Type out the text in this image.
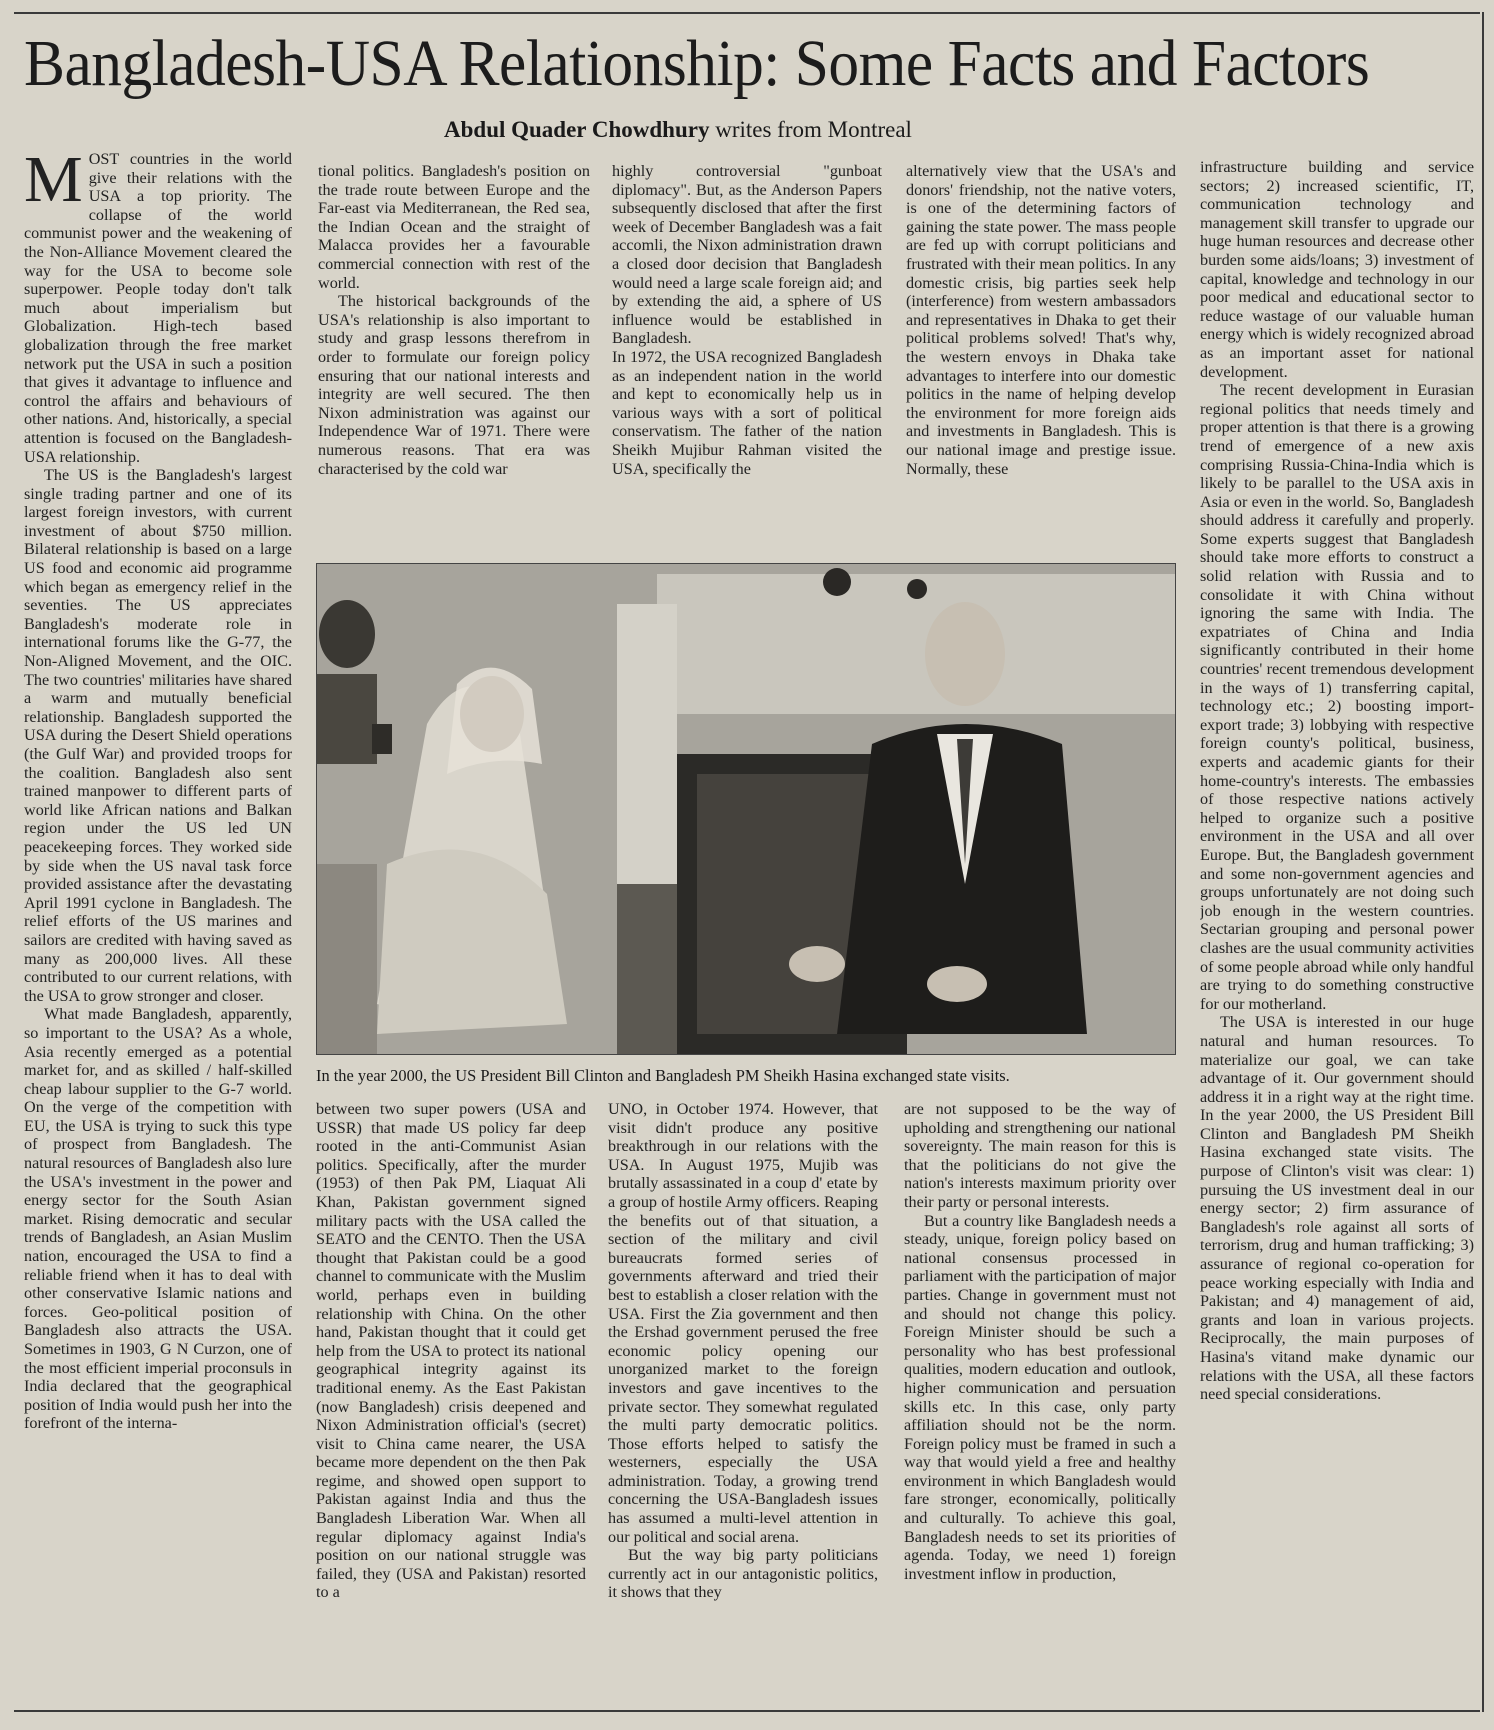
Bangladesh-USA Relationship: Some Facts and Factors
Abdul Quader Chowdhury writes from Montreal
M OST countries in the world give their relations with the USA a top priority. The collapse of the world communist power and the weakening of the Non-Alliance Movement cleared the way for the USA to become sole superpower. People today don't talk much about imperialism but Globalization. High-tech based globalization through the free market network put the USA in such a position that gives it advantage to influence and control the affairs and behaviours of other nations. And, historically, a special attention is focused on the Bangladesh-USA relationship.

The US is the Bangladesh's largest single trading partner and one of its largest foreign investors, with current investment of about $750 million. Bilateral relationship is based on a large US food and economic aid programme which began as emergency relief in the seventies. The US appreciates Bangladesh's moderate role in international forums like the G-77, the Non-Aligned Movement, and the OIC. The two countries' militaries have shared a warm and mutually beneficial relationship. Bangladesh supported the USA during the Desert Shield operations (the Gulf War) and provided troops for the coalition. Bangladesh also sent trained manpower to different parts of world like African nations and Balkan region under the US led UN peacekeeping forces. They worked side by side when the US naval task force provided assistance after the devastating April 1991 cyclone in Bangladesh. The relief efforts of the US marines and sailors are credited with having saved as many as 200,000 lives. All these contributed to our current relations, with the USA to grow stronger and closer.

What made Bangladesh, apparently, so important to the USA? As a whole, Asia recently emerged as a potential market for, and as skilled / half-skilled cheap labour supplier to the G-7 world. On the verge of the competition with EU, the USA is trying to suck this type of prospect from Bangladesh. The natural resources of Bangladesh also lure the USA's investment in the power and energy sector for the South Asian market. Rising democratic and secular trends of Bangladesh, an Asian Muslim nation, encouraged the USA to find a reliable friend when it has to deal with other conservative Islamic nations and forces. Geo-political position of Bangladesh also attracts the USA. Sometimes in 1903, G N Curzon, one of the most efficient imperial proconsuls in India declared that the geographical position of India would push her into the forefront of the interna-

tional politics. Bangladesh's position on the trade route between Europe and the Far-east via Mediterranean, the Red sea, the Indian Ocean and the straight of Malacca provides her a favourable commercial connection with rest of the world.

The historical backgrounds of the USA's relationship is also important to study and grasp lessons therefrom in order to formulate our foreign policy ensuring that our national interests and integrity are well secured. The then Nixon administration was against our Independence War of 1971. There were numerous reasons. That era was characterised by the cold war

highly controversial "gunboat diplomacy". But, as the Anderson Papers subsequently disclosed that after the first week of December Bangladesh was a fait accomli, the Nixon administration drawn a closed door decision that Bangladesh would need a large scale foreign aid; and by extending the aid, a sphere of US influence would be established in Bangladesh.

In 1972, the USA recognized Bangladesh as an independent nation in the world and kept to economically help us in various ways with a sort of political conservatism. The father of the nation Sheikh Mujibur Rahman visited the USA, specifically the

alternatively view that the USA's and donors' friendship, not the native voters, is one of the determining factors of gaining the state power. The mass people are fed up with corrupt politicians and frustrated with their mean politics. In any domestic crisis, big parties seek help (interference) from western ambassadors and representatives in Dhaka to get their political problems solved! That's why, the western envoys in Dhaka take advantages to interfere into our domestic politics in the name of helping develop the environment for more foreign aids and investments in Bangladesh. This is our national image and prestige issue. Normally, these

infrastructure building and service sectors; 2) increased scientific, IT, communication technology and management skill transfer to upgrade our huge human resources and decrease other burden some aids/loans; 3) investment of capital, knowledge and technology in our poor medical and educational sector to reduce wastage of our valuable human energy which is widely recognized abroad as an important asset for national development.

The recent development in Eurasian regional politics that needs timely and proper attention is that there is a growing trend of emergence of a new axis comprising Russia-China-India which is likely to be parallel to the USA axis in Asia or even in the world. So, Bangladesh should address it carefully and properly. Some experts suggest that Bangladesh should take more efforts to construct a solid relation with Russia and to consolidate it with China without ignoring the same with India. The expatriates of China and India significantly contributed in their home countries' recent tremendous development in the ways of 1) transferring capital, technology etc.; 2) boosting import-export trade; 3) lobbying with respective foreign county's political, business, experts and academic giants for their home-country's interests. The embassies of those respective nations actively helped to organize such a positive environment in the USA and all over Europe. But, the Bangladesh government and some non-government agencies and groups unfortunately are not doing such job enough in the western countries. Sectarian grouping and personal power clashes are the usual community activities of some people abroad while only handful are trying to do something constructive for our motherland.

The USA is interested in our huge natural and human resources. To materialize our goal, we can take advantage of it. Our government should address it in a right way at the right time. In the year 2000, the US President Bill Clinton and Bangladesh PM Sheikh Hasina exchanged state visits. The purpose of Clinton's visit was clear: 1) pursuing the US investment deal in our energy sector; 2) firm assurance of Bangladesh's role against all sorts of terrorism, drug and human trafficking; 3) assurance of regional co-operation for peace working especially with India and Pakistan; and 4) management of aid, grants and loan in various projects. Reciprocally, the main purposes of Hasina's vitand make dynamic our relations with the USA, all these factors need special considerations.

In the year 2000, the US President Bill Clinton and Bangladesh PM Sheikh Hasina exchanged state visits.

between two super powers (USA and USSR) that made US policy far deep rooted in the anti-Communist Asian politics. Specifically, after the murder (1953) of then Pak PM, Liaquat Ali Khan, Pakistan government signed military pacts with the USA called the SEATO and the CENTO. Then the USA thought that Pakistan could be a good channel to communicate with the Muslim world, perhaps even in building relationship with China. On the other hand, Pakistan thought that it could get help from the USA to protect its national geographical integrity against its traditional enemy. As the East Pakistan (now Bangladesh) crisis deepened and Nixon Administration official's (secret) visit to China came nearer, the USA became more dependent on the then Pak regime, and showed open support to Pakistan against India and thus the Bangladesh Liberation War. When all regular diplomacy against India's position on our national struggle was failed, they (USA and Pakistan) resorted to a

UNO, in October 1974. However, that visit didn't produce any positive breakthrough in our relations with the USA. In August 1975, Mujib was brutally assassinated in a coup d' etate by a group of hostile Army officers. Reaping the benefits out of that situation, a section of the military and civil bureaucrats formed series of governments afterward and tried their best to establish a closer relation with the USA. First the Zia government and then the Ershad government perused the free economic policy opening our unorganized market to the foreign investors and gave incentives to the private sector. They somewhat regulated the multi party democratic politics. Those efforts helped to satisfy the westerners, especially the USA administration. Today, a growing trend concerning the USA-Bangladesh issues has assumed a multi-level attention in our political and social arena.

But the way big party politicians currently act in our antagonistic politics, it shows that they

are not supposed to be the way of upholding and strengthening our national sovereignty. The main reason for this is that the politicians do not give the nation's interests maximum priority over their party or personal interests.

But a country like Bangladesh needs a steady, unique, foreign policy based on national consensus processed in parliament with the participation of major parties. Change in government must not and should not change this policy. Foreign Minister should be such a personality who has best professional qualities, modern education and outlook, higher communication and persuation skills etc. In this case, only party affiliation should not be the norm. Foreign policy must be framed in such a way that would yield a free and healthy environment in which Bangladesh would fare stronger, economically, politically and culturally. To achieve this goal, Bangladesh needs to set its priorities of agenda. Today, we need 1) foreign investment inflow in production,
